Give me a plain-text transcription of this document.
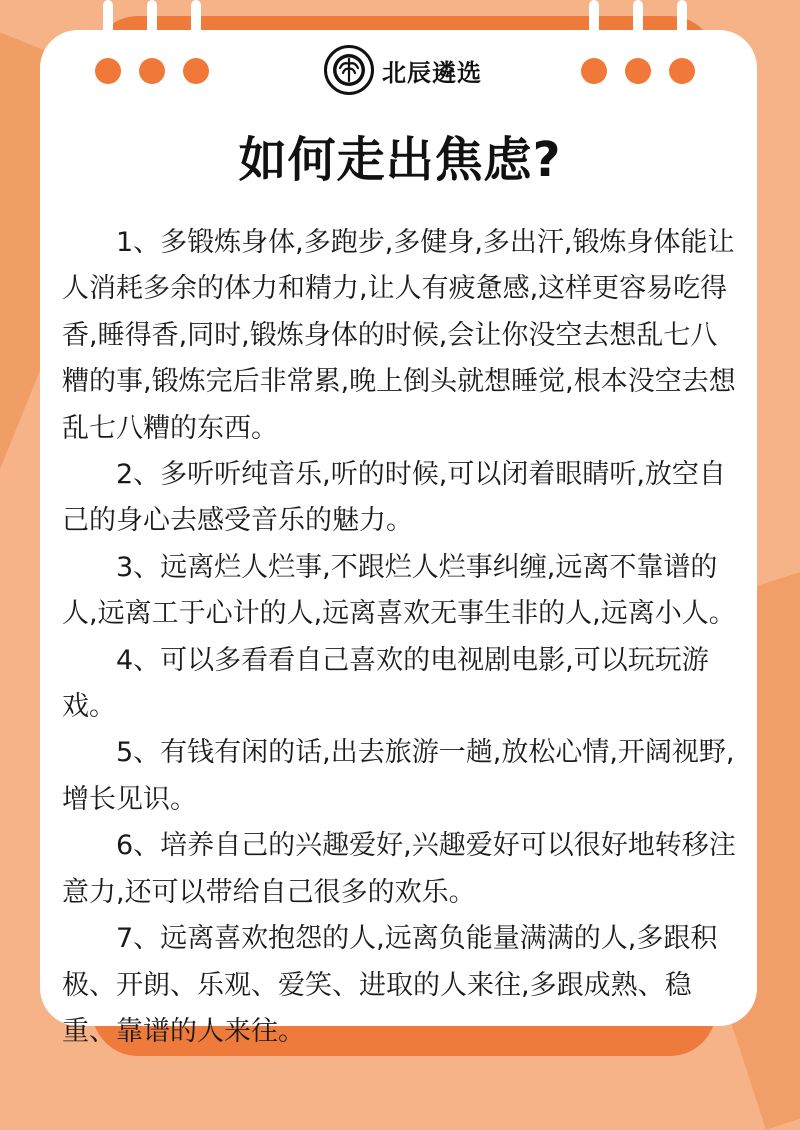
北辰遴选
如何走出焦虑?

1、多锻炼身体,多跑步,多健身,多出汗,锻炼身体能让人消耗多余的体力和精力,让人有疲惫感,这样更容易吃得香,睡得香,同时,锻炼身体的时候,会让你没空去想乱七八糟的事,锻炼完后非常累,晚上倒头就想睡觉,根本没空去想乱七八糟的东西。

2、多听听纯音乐,听的时候,可以闭着眼睛听,放空自己的身心去感受音乐的魅力。

3、远离烂人烂事,不跟烂人烂事纠缠,远离不靠谱的人,远离工于心计的人,远离喜欢无事生非的人,远离小人。

4、可以多看看自己喜欢的电视剧电影,可以玩玩游戏。

5、有钱有闲的话,出去旅游一趟,放松心情,开阔视野,增长见识。

6、培养自己的兴趣爱好,兴趣爱好可以很好地转移注意力,还可以带给自己很多的欢乐。

7、远离喜欢抱怨的人,远离负能量满满的人,多跟积极、开朗、乐观、爱笑、进取的人来往,多跟成熟、稳重、靠谱的人来往。
